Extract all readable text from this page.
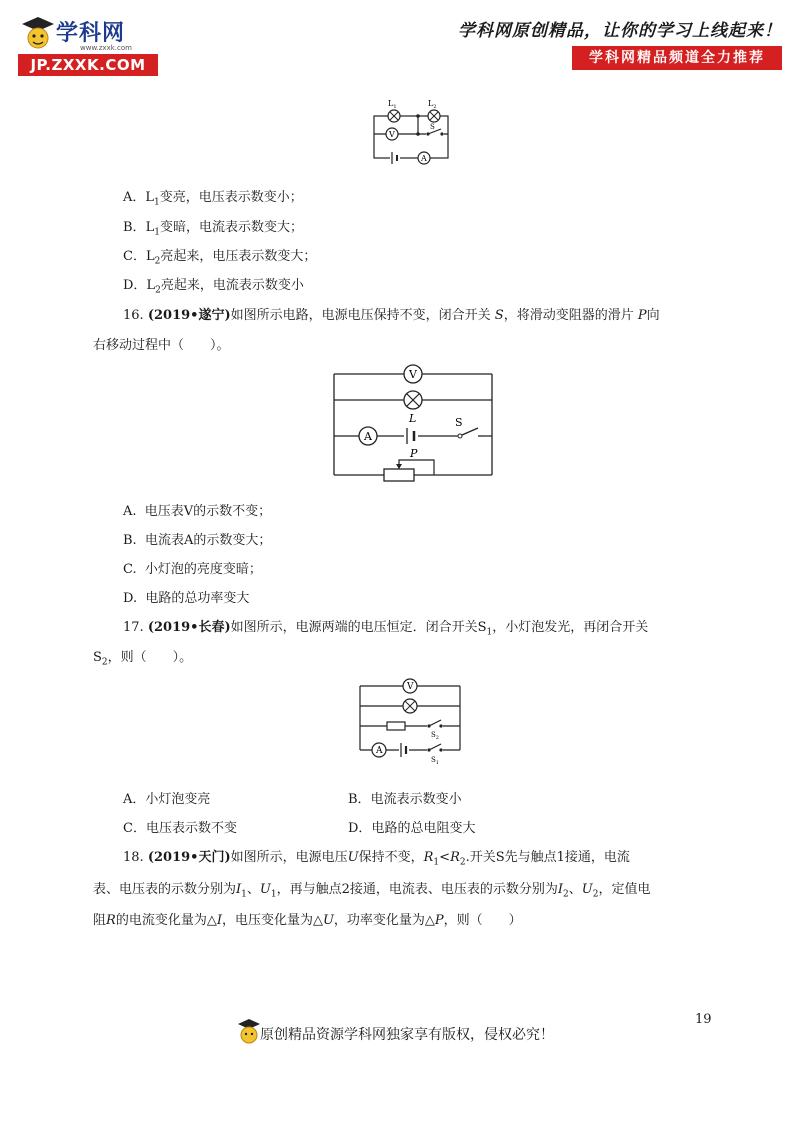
学科网
www.zxxk.com
JP.ZXXK.COM
学科网原创精品，让你的学习上线起来！
学科网精品频道全力推荐
$L_1$	$L_2$
V
S
A
A．$L_1$变亮，电压表示数变小；
B．$L_1$变暗，电流表示数变大；
C．$L_2$亮起来，电压表示数变大；
D．$L_2$亮起来，电流表示数变小
16. (2019•遂宁)如图所示电路，电源电压保持不变，闭合开关 S，将滑动变阻器的滑片 P向
右移动过程中（　　）。
V
L
A
S
P
A. 电压表V的示数不变；
B. 电流表A的示数变大；
C. 小灯泡的亮度变暗；
D. 电路的总功率变大
17. (2019•长春)如图所示，电源两端的电压恒定．闭合开关$S_1$，小灯泡发光，再闭合开关
$S_2$，则（　　）。
V
$S_2$
A
$S_1$
A．小灯泡变亮	B．电流表示数变小
C．电压表示数不变	D．电路的总电阻变大
18. (2019•天门)如图所示，电源电压U保持不变，$R_1<R_2$.开关S先与触点1接通，电流
表、电压表的示数分别为$I_1$、$U_1$，再与触点2接通，电流表、电压表的示数分别为$I_2$、$U_2$，定值电
阻R的电流变化量为△I，电压变化量为△U，功率变化量为△P，则（　　）
19
原创精品资源学科网独家享有版权，侵权必究！
